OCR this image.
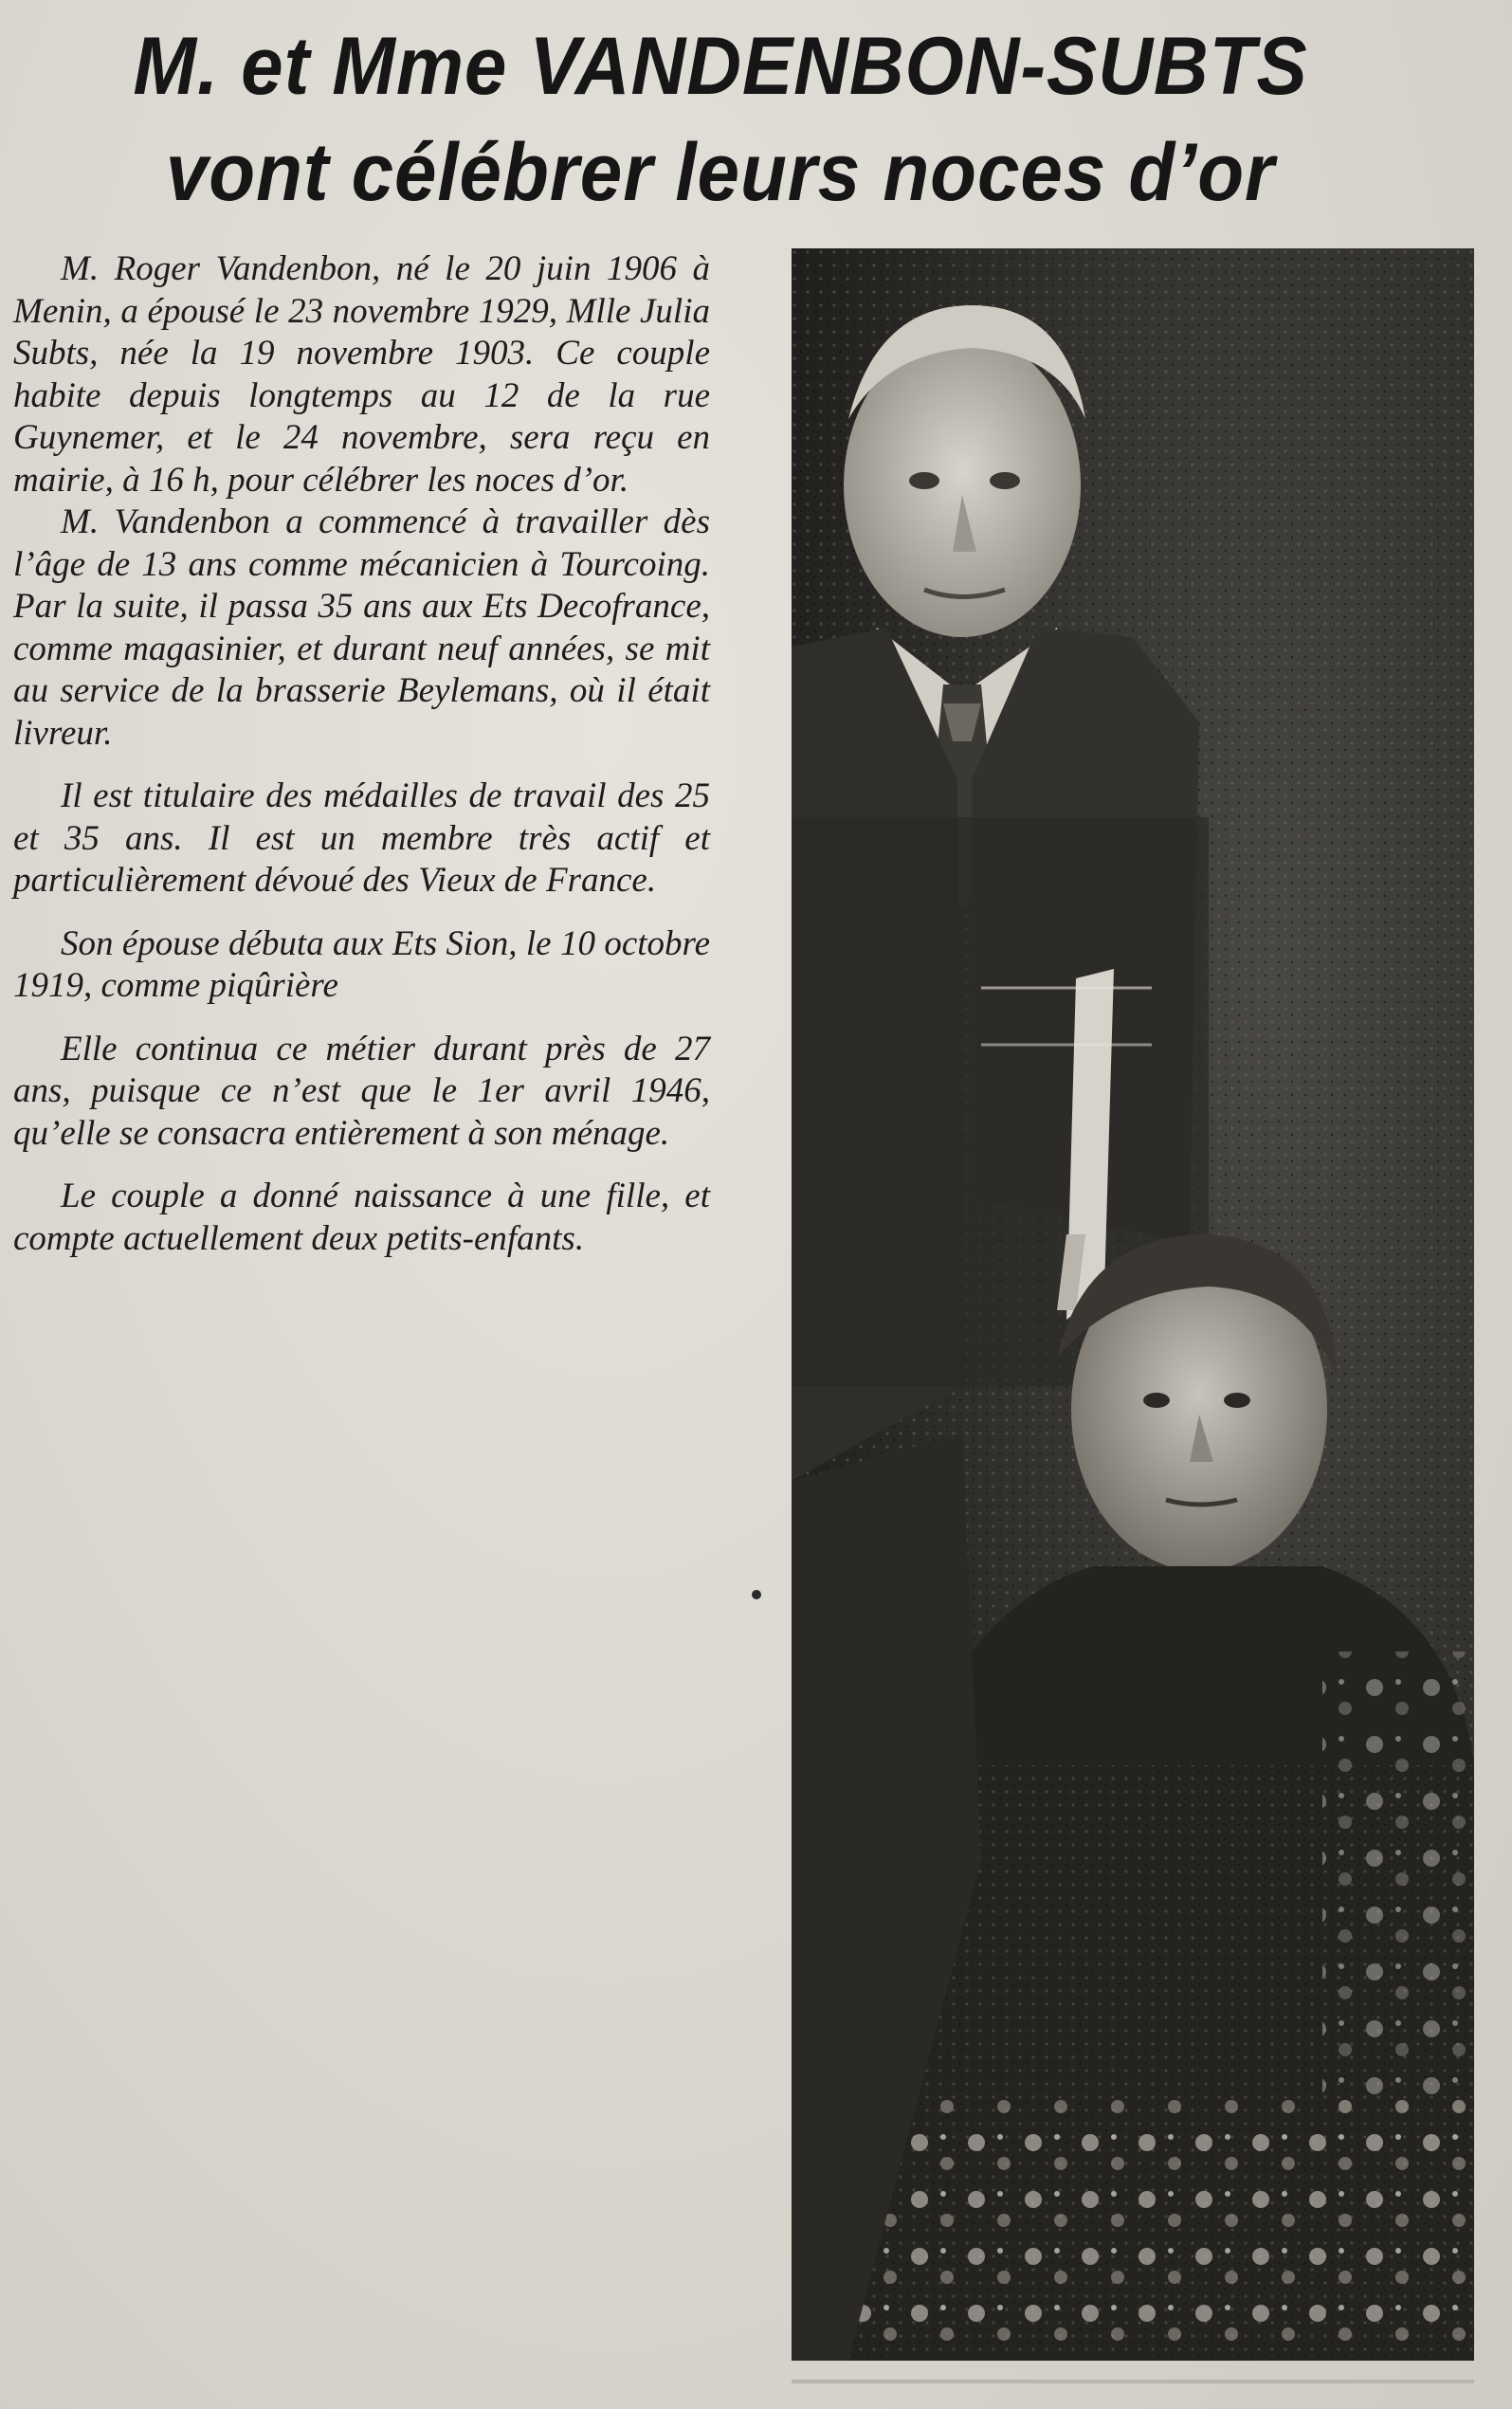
M. et Mme VANDENBON-SUBTS
vont célébrer leurs noces d’or

M. Roger Vandenbon, né le 20 juin 1906 à Menin, a épousé le 23 novembre 1929, Mlle Julia Subts, née la 19 novembre 1903. Ce couple habite depuis longtemps au 12 de la rue Guynemer, et le 24 novembre, sera reçu en mairie, à 16 h, pour célébrer les noces d’or.

M. Vandenbon a commencé à travailler dès l’âge de 13 ans comme mécanicien à Tourcoing. Par la suite, il passa 35 ans aux Ets Decofrance, comme magasinier, et durant neuf années, se mit au service de la brasserie Beylemans, où il était livreur.

Il est titulaire des médailles de travail des 25 et 35 ans. Il est un membre très actif et particulièrement dévoué des Vieux de France.

Son épouse débuta aux Ets Sion, le 10 octobre 1919, comme piqûrière

Elle continua ce métier durant près de 27 ans, puisque ce n’est que le 1er avril 1946, qu’elle se consacra entièrement à son ménage.

Le couple a donné naissance à une fille, et compte actuellement deux petits-enfants.
